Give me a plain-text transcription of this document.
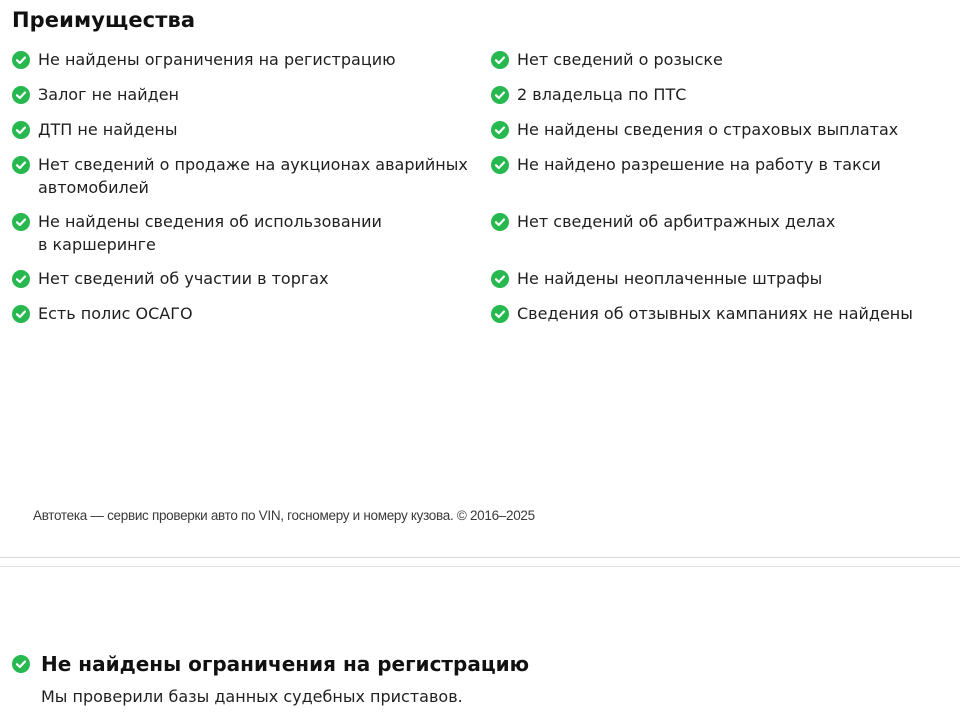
Преимущества
Не найдены ограничения на регистрацию
Залог не найден
ДТП не найдены
Нет сведений о продаже на аукционах аварийных
автомобилей
Не найдены сведения об использовании
в каршеринге
Нет сведений об участии в торгах
Есть полис ОСАГО
Нет сведений о розыске
2 владельца по ПТС
Не найдены сведения о страховых выплатах
Не найдено разрешение на работу в такси
Нет сведений об арбитражных делах
Не найдены неоплаченные штрафы
Сведения об отзывных кампаниях не найдены
Автотека — сервис проверки авто по VIN, госномеру и номеру кузова. © 2016–2025
Не найдены ограничения на регистрацию
Мы проверили базы данных судебных приставов.
